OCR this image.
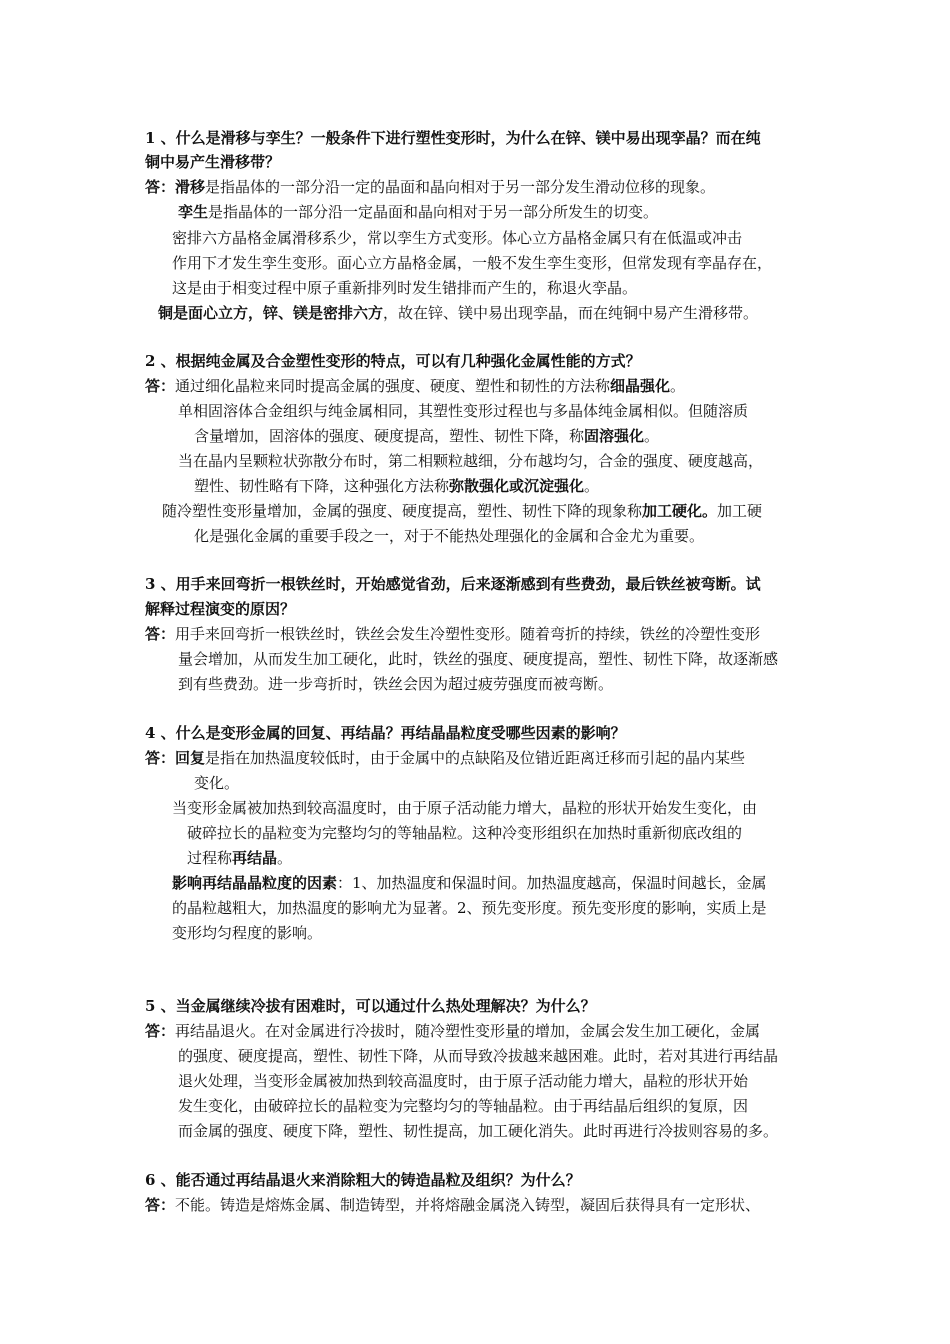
1 、什么是滑移与孪生？一般条件下进行塑性变形时，为什么在锌、镁中易出现孪晶？而在纯
铜中易产生滑移带？
答：滑移是指晶体的一部分沿一定的晶面和晶向相对于另一部分发生滑动位移的现象。
孪生是指晶体的一部分沿一定晶面和晶向相对于另一部分所发生的切变。
密排六方晶格金属滑移系少，常以孪生方式变形。体心立方晶格金属只有在低温或冲击
作用下才发生孪生变形。面心立方晶格金属，一般不发生孪生变形，但常发现有孪晶存在，
这是由于相变过程中原子重新排列时发生错排而产生的，称退火孪晶。
铜是面心立方，锌、镁是密排六方，故在锌、镁中易出现孪晶，而在纯铜中易产生滑移带。
2 、根据纯金属及合金塑性变形的特点，可以有几种强化金属性能的方式？
答：通过细化晶粒来同时提高金属的强度、硬度、塑性和韧性的方法称细晶强化。
单相固溶体合金组织与纯金属相同，其塑性变形过程也与多晶体纯金属相似。但随溶质
含量增加，固溶体的强度、硬度提高，塑性、韧性下降，称固溶强化。
当在晶内呈颗粒状弥散分布时，第二相颗粒越细，分布越均匀，合金的强度、硬度越高，
塑性、韧性略有下降，这种强化方法称弥散强化或沉淀强化。
随冷塑性变形量增加，金属的强度、硬度提高，塑性、韧性下降的现象称加工硬化。加工硬
化是强化金属的重要手段之一，对于不能热处理强化的金属和合金尤为重要。
3 、用手来回弯折一根铁丝时，开始感觉省劲，后来逐渐感到有些费劲，最后铁丝被弯断。试
解释过程演变的原因？
答：用手来回弯折一根铁丝时，铁丝会发生冷塑性变形。随着弯折的持续，铁丝的冷塑性变形
量会增加，从而发生加工硬化，此时，铁丝的强度、硬度提高，塑性、韧性下降，故逐渐感
到有些费劲。进一步弯折时，铁丝会因为超过疲劳强度而被弯断。
4 、什么是变形金属的回复、再结晶？再结晶晶粒度受哪些因素的影响？
答：回复是指在加热温度较低时，由于金属中的点缺陷及位错近距离迁移而引起的晶内某些
变化。
当变形金属被加热到较高温度时，由于原子活动能力增大，晶粒的形状开始发生变化，由
破碎拉长的晶粒变为完整均匀的等轴晶粒。这种冷变形组织在加热时重新彻底改组的
过程称再结晶。
影响再结晶晶粒度的因素：1、加热温度和保温时间。加热温度越高，保温时间越长，金属
的晶粒越粗大，加热温度的影响尤为显著。2、预先变形度。预先变形度的影响，实质上是
变形均匀程度的影响。
5 、当金属继续冷拔有困难时，可以通过什么热处理解决？为什么？
答：再结晶退火。在对金属进行冷拔时，随冷塑性变形量的增加，金属会发生加工硬化，金属
的强度、硬度提高，塑性、韧性下降，从而导致冷拔越来越困难。此时，若对其进行再结晶
退火处理，当变形金属被加热到较高温度时，由于原子活动能力增大，晶粒的形状开始
发生变化，由破碎拉长的晶粒变为完整均匀的等轴晶粒。由于再结晶后组织的复原，因
而金属的强度、硬度下降，塑性、韧性提高，加工硬化消失。此时再进行冷拔则容易的多。
6 、能否通过再结晶退火来消除粗大的铸造晶粒及组织？为什么？
答：不能。铸造是熔炼金属、制造铸型，并将熔融金属浇入铸型，凝固后获得具有一定形状、
